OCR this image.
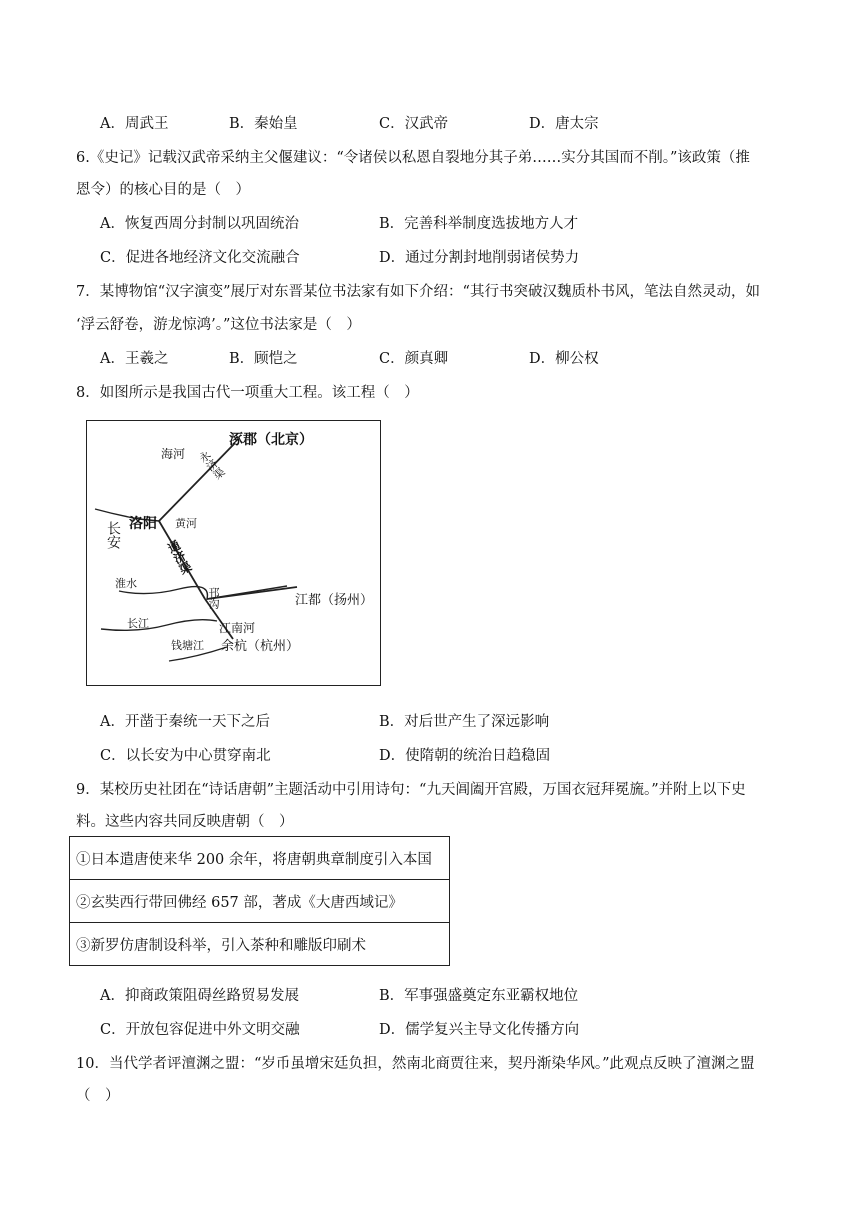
A．周武王	B．秦始皇	C．汉武帝	D．唐太宗
6.《史记》记载汉武帝采纳主父偃建议：“令诸侯以私恩自裂地分其子弟……实分其国而不削。”该政策（推
恩令）的核心目的是（　）
A．恢复西周分封制以巩固统治	B．完善科举制度选拔地方人才
C．促进各地经济文化交流融合	D．通过分割封地削弱诸侯势力
7．某博物馆“汉字演变”展厅对东晋某位书法家有如下介绍：“其行书突破汉魏质朴书风，笔法自然灵动，如
‘浮云舒卷，游龙惊鸿’。”这位书法家是（　）
A．王羲之	B．顾恺之	C．颜真卿	D．柳公权
8．如图所示是我国古代一项重大工程。该工程（　）
涿郡（北京）
海河 永济渠
长安 洛阳 黄河
通济渠
淮水
邗沟	江都（扬州）
长江	江南河
钱塘江 余杭（杭州）
A．开凿于秦统一天下之后	B．对后世产生了深远影响
C．以长安为中心贯穿南北	D．使隋朝的统治日趋稳固
9．某校历史社团在“诗话唐朝”主题活动中引用诗句：“九天阊阖开宫殿，万国衣冠拜冕旒。”并附上以下史
料。这些内容共同反映唐朝（　）
①日本遣唐使来华 200 余年，将唐朝典章制度引入本国
②玄奘西行带回佛经 657 部，著成《大唐西域记》
③新罗仿唐制设科举，引入茶种和雕版印刷术
A．抑商政策阻碍丝路贸易发展	B．军事强盛奠定东亚霸权地位
C．开放包容促进中外文明交融	D．儒学复兴主导文化传播方向
10．当代学者评澶渊之盟：“岁币虽增宋廷负担，然南北商贾往来，契丹渐染华风。”此观点反映了澶渊之盟
（　）
